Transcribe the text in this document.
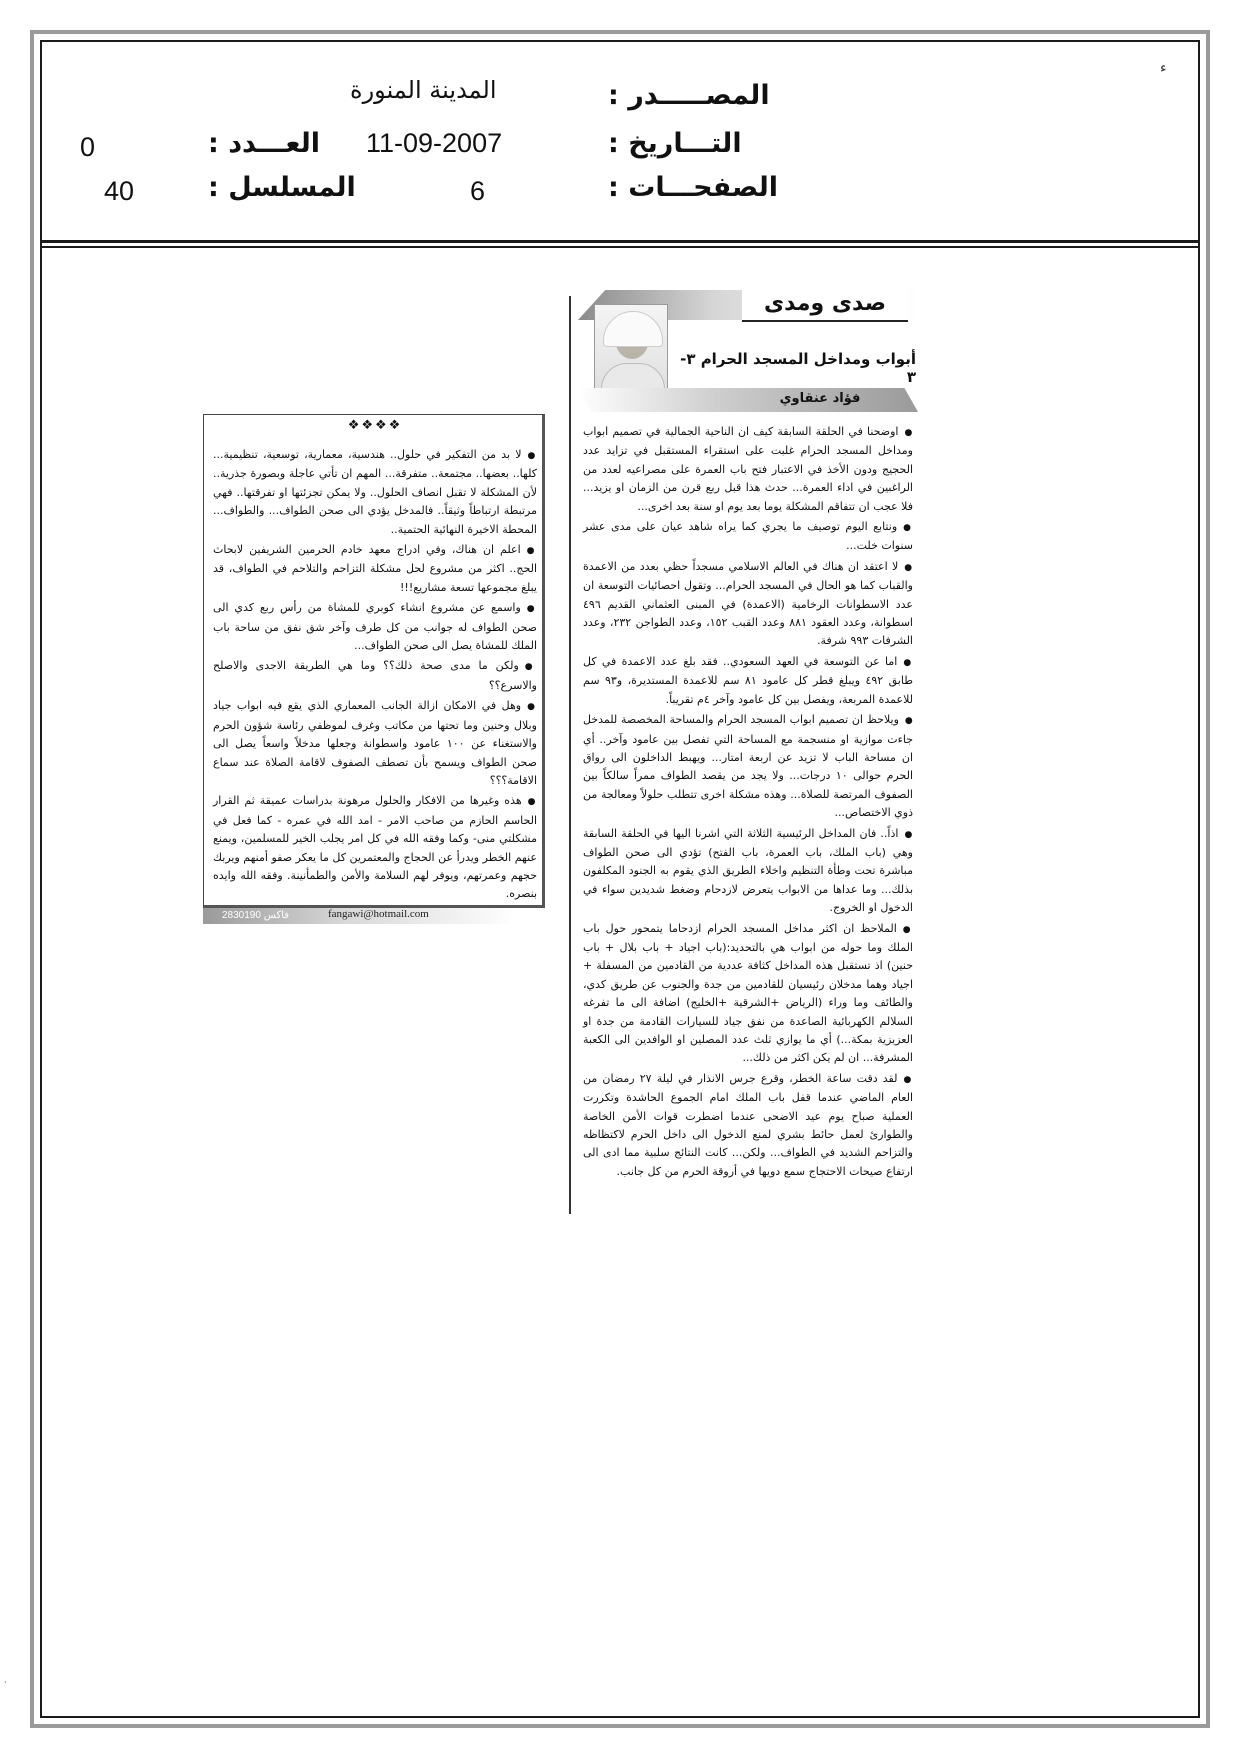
ء
المصـــــدر :
المدينة المنورة
التـــاريخ :
11-09-2007
العـــدد :
0
الصفحـــات :
6
المسلسل :
40
صدى ومدى
أبواب ومداخل المسجد الحرام ٣- ٣
فؤاد عنقاوي

●اوضحنا في الحلقة السابقة كيف ان الناحية الجمالية في تصميم ابواب ومداخل المسجد الحرام غلبت على استقراء المستقبل في تزايد عدد الحجيج ودون الأخذ في الاعتبار فتح باب العمرة على مصراعيه لعدد من الراغبين في اداء العمرة... حدث هذا قبل ربع قرن من الزمان او يزيد... فلا عجب ان تتفاقم المشكلة يوما بعد يوم او سنة بعد اخرى...

●ونتابع اليوم توصيف ما يجري كما يراه شاهد عيان على مدى عشر سنوات خلت...

●لا اعتقد ان هناك في العالم الاسلامي مسجداً حظي بعدد من الاعمدة والقباب كما هو الحال في المسجد الحرام... وتقول احصائيات التوسعة ان عدد الاسطوانات الرخامية (الاعمدة) في المبنى العثماني القديم ٤٩٦ اسطوانة، وعدد العقود ٨٨١ وعدد القبب ١٥٢، وعدد الطواجن ٢٣٢، وعدد الشرفات ٩٩٣ شرفة.

●اما عن التوسعة في العهد السعودي.. فقد بلغ عدد الاعمدة في كل طابق ٤٩٢ ويبلغ قطر كل عامود ٨١ سم للاعمدة المستديرة، و٩٣ سم للاعمدة المربعة، ويفصل بين كل عامود وآخر ٤م تقريباً.

●ويلاحظ ان تصميم ابواب المسجد الحرام والمساحة المخصصة للمدخل جاءت موازية او منسجمة مع المساحة التي تفصل بين عامود وآخر.. أي ان مساحة الباب لا تزيد عن اربعة امتار... ويهبط الداخلون الى رواق الحرم حوالى ١٠ درجات... ولا يجد من يقصد الطواف ممراً سالكاً بين الصفوف المرتصة للصلاة... وهذه مشكلة اخرى تتطلب حلولاً ومعالجة من ذوي الاختصاص...

●اذاً.. فان المداخل الرئيسية الثلاثة التي اشرنا اليها في الحلقة السابقة وهي (باب الملك، باب العمرة، باب الفتح) تؤدي الى صحن الطواف مباشرة تحت وطأة التنظيم واخلاء الطريق الذي يقوم به الجنود المكلفون بذلك... وما عداها من الابواب يتعرض لازدحام وضغط شديدين سواء في الدخول او الخروج.

●الملاحظ ان اكثر مداخل المسجد الحرام ازدحاما يتمحور حول باب الملك وما حوله من ابواب هي بالتحديد:(باب اجياد + باب بلال + باب حنين) اذ تستقبل هذه المداخل كثافة عددية من القادمين من المسفلة + اجياد وهما مدخلان رئيسيان للقادمين من جدة والجنوب عن طريق كدي، والطائف وما وراء (الرياض +الشرقية +الخليج) اضافة الى ما تفرغه السلالم الكهربائية الصاعدة من نفق جياد للسيارات القادمة من جدة او العزيزية بمكة...) أي ما يوازي ثلث عدد المصلين او الوافدين الى الكعبة المشرفة... ان لم يكن اكثر من ذلك...

●لقد دقت ساعة الخطر، وقرع جرس الانذار في ليلة ٢٧ رمضان من العام الماضي عندما قفل باب الملك امام الجموع الحاشدة وتكررت العملية صباح يوم عيد الاضحى عندما اضطرت قوات الأمن الخاصة والطوارئ لعمل حائط بشري لمنع الدخول الى داخل الحرم لاكتظاظه والتزاحم الشديد في الطواف... ولكن... كانت النتائج سلبية مما ادى الى ارتفاع صيحات الاحتجاج سمع دويها في أروقة الحرم من كل جانب.

❖❖❖❖

●لا بد من التفكير في حلول.. هندسية، معمارية، توسعية، تنظيمية... كلها.. بعضها.. مجتمعة.. متفرقة... المهم ان تأتي عاجلة وبصورة جذرية.. لأن المشكلة لا تقبل انصاف الحلول.. ولا يمكن تجزئتها او تفرقتها.. فهي مرتبطة ارتباطاً وثيقاً.. فالمدخل يؤدي الى صحن الطواف... والطواف... المحطة الاخيرة النهائية الحتمية..

●اعلم ان هناك، وفي ادراج معهد خادم الحرمين الشريفين لابحاث الحج.. اكثر من مشروع لحل مشكلة التزاحم والتلاحم في الطواف، قد يبلغ مجموعها تسعة مشاريع!!!

●واسمع عن مشروع انشاء كوبري للمشاة من رأس ربع كدي الى صحن الطواف له جوانب من كل طرف وآخر شق نفق من ساحة باب الملك للمشاة يصل الى صحن الطواف...

●ولكن ما مدى صحة ذلك؟؟ وما هي الطريقة الاجدى والاصلح والاسرع؟؟

●وهل في الامكان ازالة الجانب المعماري الذي يقع فيه ابواب جياد وبلال وحنين وما تحتها من مكاتب وغرف لموظفي رئاسة شؤون الحرم والاستغناء عن ١٠٠ عامود واسطوانة وجعلها مدخلاً واسعاً يصل الى صحن الطواف ويسمح بأن تصطف الصفوف لاقامة الصلاة عند سماع الاقامة؟؟؟

●هذه وغيرها من الافكار والحلول مرهونة بدراسات عميقة ثم القرار الحاسم الحازم من صاحب الامر - امد الله في عمره - كما فعل في مشكلتي منى- وكما وفقه الله في كل امر يجلب الخير للمسلمين، ويمنع عنهم الخطر ويدرأ عن الحجاج والمعتمرين كل ما يعكر صفو أمنهم ويربك حجهم وعمرتهم، ويوفر لهم السلامة والأمن والطمأنينة. وفقه الله وايده بنصره.

fangawi@hotmail.com
فاكس 2830190
·
